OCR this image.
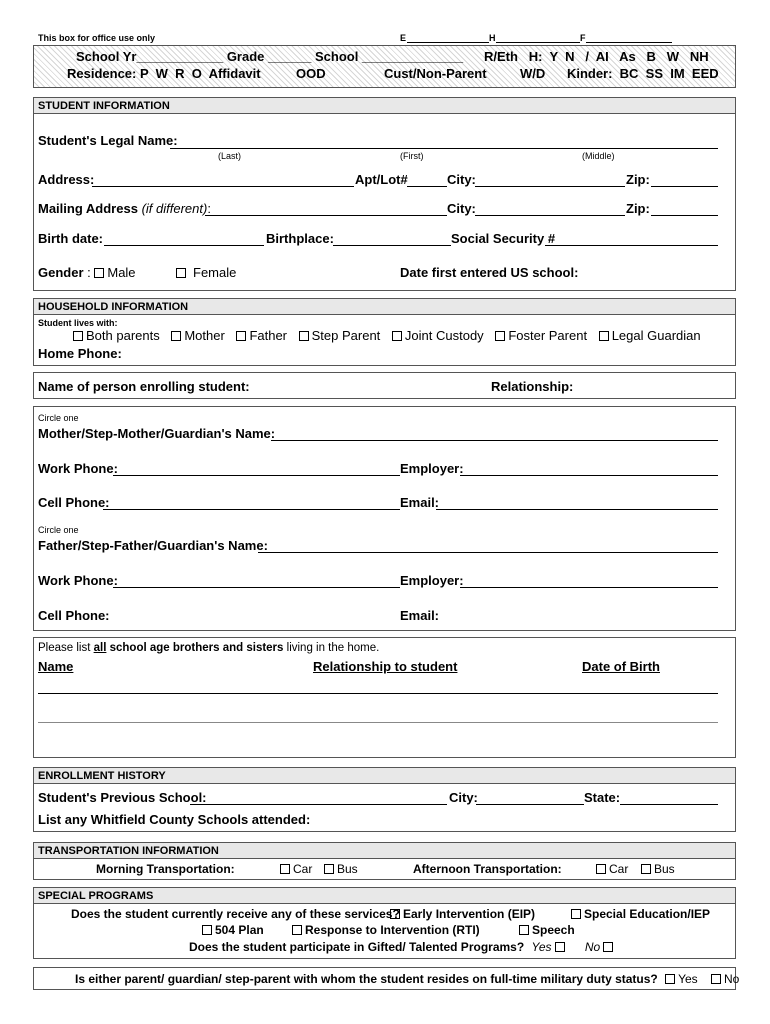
This box for office use only	E	H	F
School Yr____________ Grade ______ School ______________ R/Eth   H:  Y  N   /  AI   As   B   W   NH
Residence: P  W  R  O  Affidavit	OOD	Cust/Non-Parent	W/D      Kinder:  BC  SS  IM  EED
STUDENT INFORMATION
Student's Legal Name:
(Last)	(First)	(Middle)
Address:	Apt/Lot#	City:	Zip:
Mailing Address (if different):	City:	Zip:
Birth date:	Birthplace:	Social Security #
Gender : Male	Female	Date first entered US school:
HOUSEHOLD INFORMATION
Student lives with:
Both parents Mother Father Step Parent Joint Custody Foster Parent Legal Guardian
Home Phone:
Name of person enrolling student:	Relationship:
Circle one
Mother/Step-Mother/Guardian's Name:
Work Phone:	Employer:
Cell Phone:	Email:
Circle one
Father/Step-Father/Guardian's Name:
Work Phone:	Employer:
Cell Phone:	Email:
Please list all school age brothers and sisters living in the home.
Name	Relationship to student	Date of Birth
ENROLLMENT HISTORY
Student's Previous School:	City:	State:
List any Whitfield County Schools attended:
TRANSPORTATION INFORMATION
Morning Transportation:	Car	Bus	Afternoon Transportation:	Car	Bus
SPECIAL PROGRAMS
Does the student currently receive any of these services? Early Intervention (EIP)	Special Education/IEP
504 Plan	Response to Intervention (RTI)	Speech
Does the student participate in Gifted/ Talented Programs? Yes	No
Is either parent/ guardian/ step-parent with whom the student resides on full-time military duty status? Yes No
